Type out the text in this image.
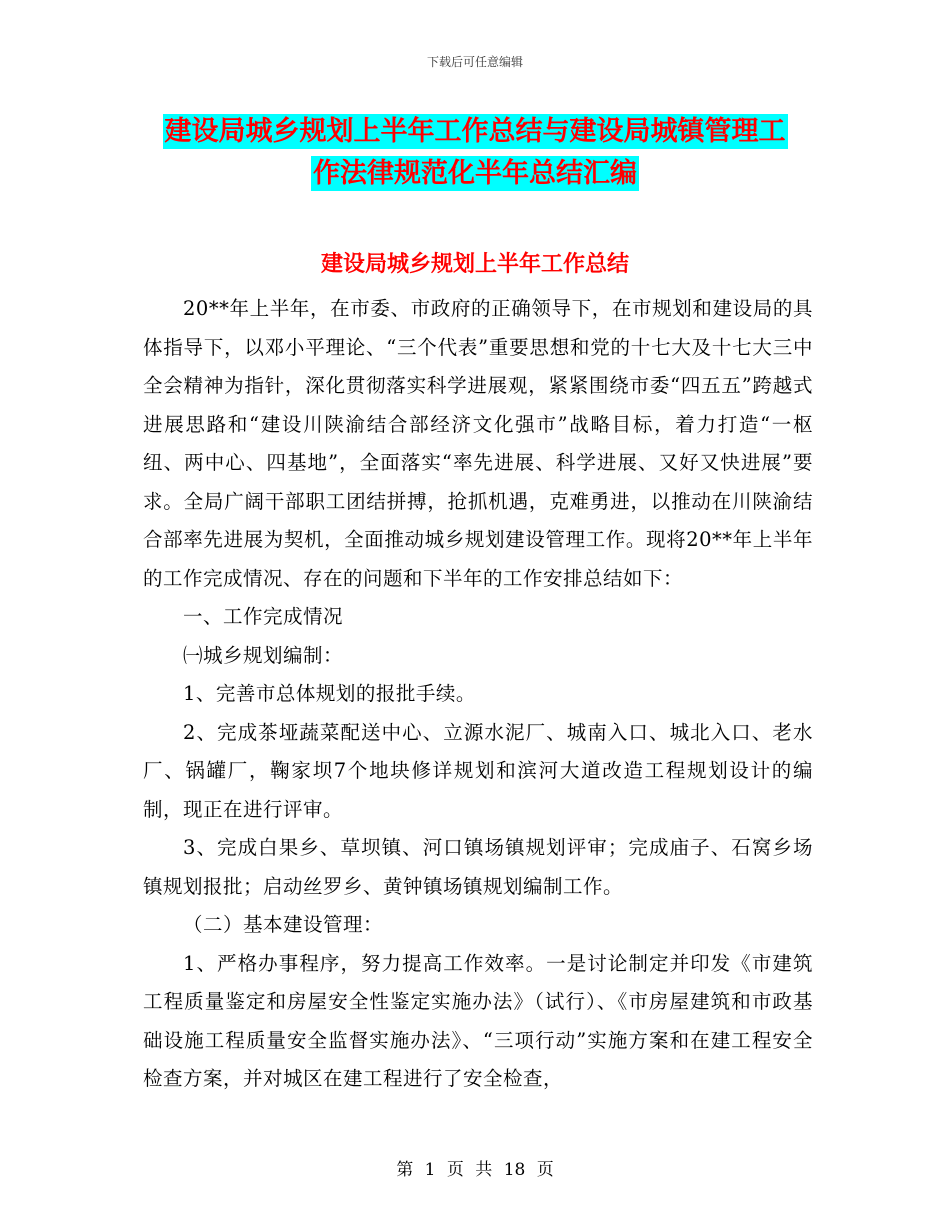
下载后可任意编辑
建设局城乡规划上半年工作总结与建设局城镇管理工
作法律规范化半年总结汇编
建设局城乡规划上半年工作总结

20**年上半年，在市委、市政府的正确领导下，在市规划和建设局的具体指导下，以邓小平理论、“三个代表”重要思想和党的十七大及十七大三中全会精神为指针，深化贯彻落实科学进展观，紧紧围绕市委“四五五”跨越式进展思路和“建设川陕渝结合部经济文化强市”战略目标，着力打造“一枢纽、两中心、四基地”，全面落实“率先进展、科学进展、又好又快进展”要求。全局广阔干部职工团结拼搏，抢抓机遇，克难勇进，以推动在川陕渝结合部率先进展为契机，全面推动城乡规划建设管理工作。现将20**年上半年的工作完成情况、存在的问题和下半年的工作安排总结如下：

一、工作完成情况

㈠城乡规划编制：

1、完善市总体规划的报批手续。

2、完成茶垭蔬菜配送中心、立源水泥厂、城南入口、城北入口、老水厂、锅罐厂，鞠家坝7个地块修详规划和滨河大道改造工程规划设计的编制，现正在进行评审。

3、完成白果乡、草坝镇、河口镇场镇规划评审；完成庙子、石窝乡场镇规划报批；启动丝罗乡、黄钟镇场镇规划编制工作。

（二）基本建设管理：

1、严格办事程序，努力提高工作效率。一是讨论制定并印发《市建筑工程质量鉴定和房屋安全性鉴定实施办法》（试行）、《市房屋建筑和市政基础设施工程质量安全监督实施办法》、“三项行动”实施方案和在建工程安全检查方案，并对城区在建工程进行了安全检查，

第 1 页 共 18 页
